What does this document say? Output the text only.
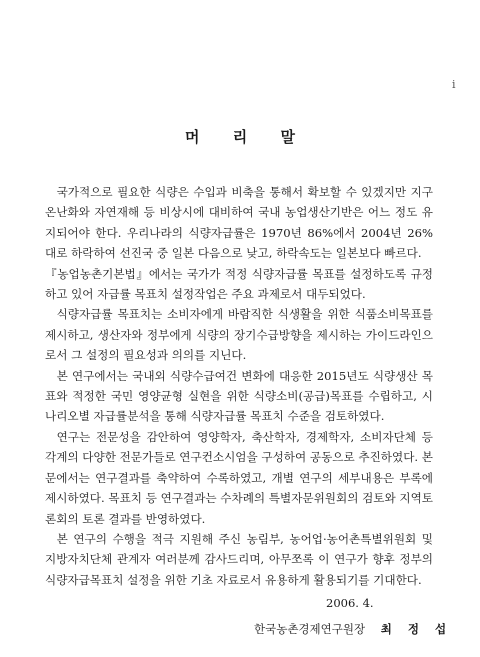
i
머 리 말

국가적으로 필요한 식량은 수입과 비축을 통해서 확보할 수 있겠지만 지구온난화와 자연재해 등 비상시에 대비하여 국내 농업생산기반은 어느 정도 유지되어야 한다. 우리나라의 식량자급률은 1970년 86%에서 2004년 26% 대로 하락하여 선진국 중 일본 다음으로 낮고, 하락속도는 일본보다 빠르다.

『농업농촌기본법』에서는 국가가 적정 식량자급률 목표를 설정하도록 규정하고 있어 자급률 목표치 설정작업은 주요 과제로서 대두되었다.

식량자급률 목표치는 소비자에게 바람직한 식생활을 위한 식품소비목표를 제시하고, 생산자와 정부에게 식량의 장기수급방향을 제시하는 가이드라인으로서 그 설정의 필요성과 의의를 지닌다.

본 연구에서는 국내외 식량수급여건 변화에 대응한 2015년도 식량생산 목표와 적정한 국민 영양균형 실현을 위한 식량소비(공급)목표를 수립하고, 시나리오별 자급률분석을 통해 식량자급률 목표치 수준을 검토하였다.

연구는 전문성을 감안하여 영양학자, 축산학자, 경제학자, 소비자단체 등 각계의 다양한 전문가들로 연구컨소시엄을 구성하여 공동으로 추진하였다. 본문에서는 연구결과를 축약하여 수록하였고, 개별 연구의 세부내용은 부록에 제시하였다. 목표치 등 연구결과는 수차례의 특별자문위원회의 검토와 지역토론회의 토론 결과를 반영하였다.

본 연구의 수행을 적극 지원해 주신 농림부, 농어업·농어촌특별위원회 및 지방자치단체 관계자 여러분께 감사드리며, 아무쪼록 이 연구가 향후 정부의 식량자급목표치 설정을 위한 기초 자료로서 유용하게 활용되기를 기대한다.

2006. 4.
한국농촌경제연구원장 최 정 섭
